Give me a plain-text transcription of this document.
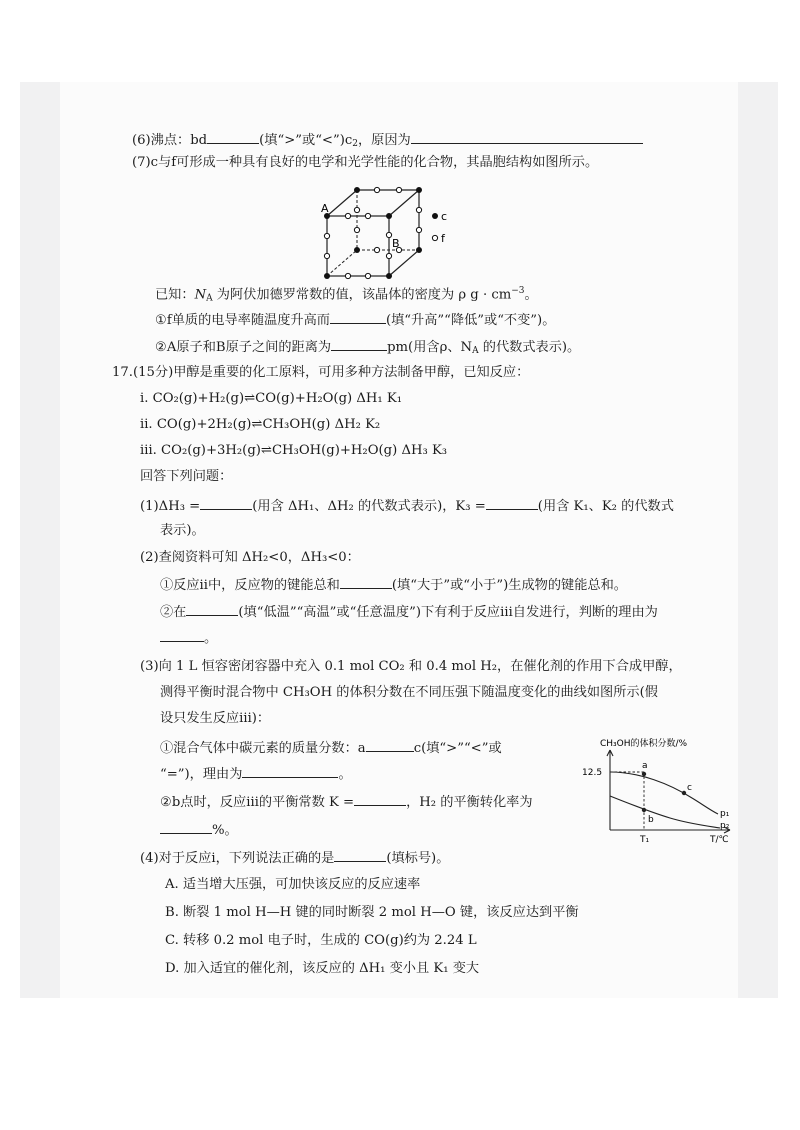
(6)沸点：bd	(填“>”或“$<”)c_2$，原因为
(7)c与f可形成一种具有良好的电学和光学性能的化合物，其晶胞结构如图所示。
A
B
c
f
已知：$N_A$ 为阿伏加德罗常数的值，该晶体的密度为 ρ $g \cdot cm^{-3}$。
①f单质的电导率随温度升高而	(填“升高”“降低”或“不变”)。
②A原子和B原子之间的距离为	pm(用含ρ、$N_A$ 的代数式表示)。
17.(15分)甲醇是重要的化工原料，可用多种方法制备甲醇，已知反应：
ⅰ. CO₂(g)+H₂(g)⇌CO(g)+H₂O(g) ΔH₁ K₁
ⅱ. CO(g)+2H₂(g)⇌CH₃OH(g) ΔH₂ K₂
ⅲ. CO₂(g)+3H₂(g)⇌CH₃OH(g)+H₂O(g) ΔH₃ K₃
回答下列问题：
(1)ΔH₃ =	(用含 ΔH₁、ΔH₂ 的代数式表示)，K₃ =	(用含 K₁、K₂ 的代数式
表示)。
(2)查阅资料可知 ΔH₂<0，ΔH₃<0：
①反应ⅱ中，反应物的键能总和	(填“大于”或“小于”)生成物的键能总和。
②在	(填“低温”“高温”或“任意温度”)下有利于反应ⅲ自发进行，判断的理由为
。
(3)向 1 L 恒容密闭容器中充入 0.1 mol CO₂ 和 0.4 mol H₂，在催化剂的作用下合成甲醇，
测得平衡时混合物中 CH₃OH 的体积分数在不同压强下随温度变化的曲线如图所示(假
设只发生反应ⅲ)：
①混合气体中碳元素的质量分数：a	c(填“>”“<”或
“=”)，理由为	。
②b点时，反应ⅲ的平衡常数 K =	，H₂ 的平衡转化率为
%。
CH₃OH的体积分数/%
12.5
a
b
c
p₁
p₂
T₁	T/℃
(4)对于反应ⅰ，下列说法正确的是	(填标号)。
A. 适当增大压强，可加快该反应的反应速率
B. 断裂 1 mol H—H 键的同时断裂 2 mol H—O 键，该反应达到平衡
C. 转移 0.2 mol 电子时，生成的 CO(g)约为 2.24 L
D. 加入适宜的催化剂，该反应的 ΔH₁ 变小且 K₁ 变大
